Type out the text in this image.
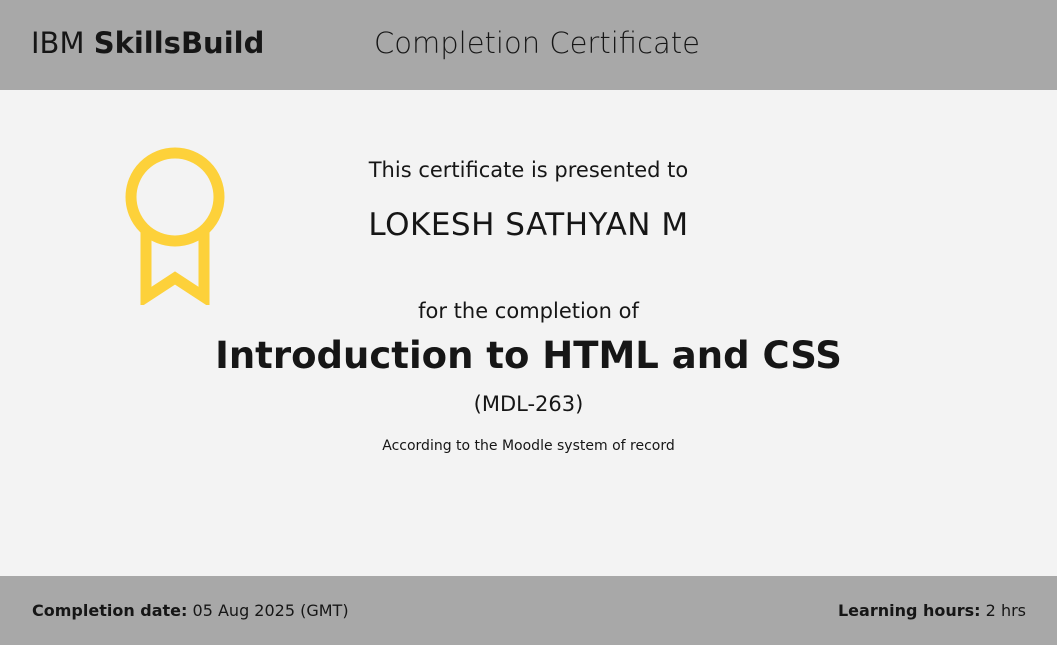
IBM SkillsBuild	Completion Certificate
This certificate is presented to
LOKESH SATHYAN M
for the completion of
Introduction to HTML and CSS
(MDL-263)
According to the Moodle system of record
Completion date: 05 Aug 2025 (GMT)	Learning hours: 2 hrs
